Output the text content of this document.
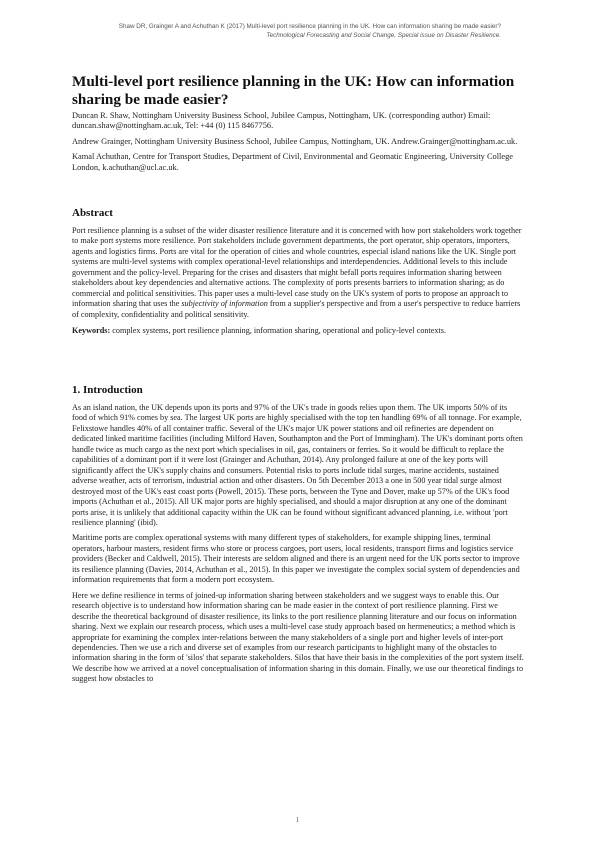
Shaw DR, Grainger A and Achuthan K (2017) Multi-level port resilience planning in the UK. How can information sharing be made easier?
Technological Forecasting and Social Change, Special issue on Disaster Resilience.
Multi-level port resilience planning in the UK: How can information sharing be made easier?

Duncan R. Shaw, Nottingham University Business School, Jubilee Campus, Nottingham, UK. (corresponding author) Email: duncan.shaw@nottingham.ac.uk, Tel: +44 (0) 115 8467756.

Andrew Grainger, Nottingham University Business School, Jubilee Campus, Nottingham, UK. Andrew.Grainger@nottingham.ac.uk.

Kamal Achuthan, Centre for Transport Studies, Department of Civil, Environmental and Geomatic Engineering, University College London, k.achuthan@ucl.ac.uk.

Abstract

Port resilience planning is a subset of the wider disaster resilience literature and it is concerned with how port stakeholders work together to make port systems more resilience. Port stakeholders include government departments, the port operator, ship operators, importers, agents and logistics firms. Ports are vital for the operation of cities and whole countries, especial island nations like the UK. Single port systems are multi-level systems with complex operational-level relationships and interdependencies. Additional levels to this include government and the policy-level. Preparing for the crises and disasters that might befall ports requires information sharing between stakeholders about key dependencies and alternative actions. The complexity of ports presents barriers to information sharing; as do commercial and political sensitivities. This paper uses a multi-level case study on the UK's system of ports to propose an approach to information sharing that uses the subjectivity of information from a supplier's perspective and from a user's perspective to reduce barriers of complexity, confidentiality and political sensitivity.

Keywords: complex systems, port resilience planning, information sharing, operational and policy-level contexts.

1. Introduction

As an island nation, the UK depends upon its ports and 97% of the UK's trade in goods relies upon them. The UK imports 50% of its food of which 91% comes by sea. The largest UK ports are highly specialised with the top ten handling 69% of all tonnage. For example, Felixstowe handles 40% of all container traffic. Several of the UK's major UK power stations and oil refineries are dependent on dedicated linked maritime facilities (including Milford Haven, Southampton and the Port of Immingham). The UK's dominant ports often handle twice as much cargo as the next port which specialises in oil, gas, containers or ferries. So it would be difficult to replace the capabilities of a dominant port if it were lost (Grainger and Achuthan, 2014). Any prolonged failure at one of the key ports will significantly affect the UK's supply chains and consumers. Potential risks to ports include tidal surges, marine accidents, sustained adverse weather, acts of terrorism, industrial action and other disasters. On 5th December 2013 a one in 500 year tidal surge almost destroyed most of the UK's east coast ports (Powell, 2015). These ports, between the Tyne and Dover, make up 57% of the UK's food imports (Achuthan et al., 2015). All UK major ports are highly specialised, and should a major disruption at any one of the dominant ports arise, it is unlikely that additional capacity within the UK can be found without significant advanced planning, i.e. without 'port resilience planning' (ibid).

Maritime ports are complex operational systems with many different types of stakeholders, for example shipping lines, terminal operators, harbour masters, resident firms who store or process cargoes, port users, local residents, transport firms and logistics service providers (Becker and Caldwell, 2015). Their interests are seldom aligned and there is an urgent need for the UK ports sector to improve its resilience planning (Davies, 2014, Achuthan et al., 2015). In this paper we investigate the complex social system of dependencies and information requirements that form a modern port ecosystem.

Here we define resilience in terms of joined-up information sharing between stakeholders and we suggest ways to enable this. Our research objective is to understand how information sharing can be made easier in the context of port resilience planning. First we describe the theoretical background of disaster resilience, its links to the port resilience planning literature and our focus on information sharing. Next we explain our research process, which uses a multi-level case study approach based on hermeneutics; a method which is appropriate for examining the complex inter-relations between the many stakeholders of a single port and higher levels of inter-port dependencies. Then we use a rich and diverse set of examples from our research participants to highlight many of the obstacles to information sharing in the form of 'silos' that separate stakeholders. Silos that have their basis in the complexities of the port system itself. We describe how we arrived at a novel conceptualisation of information sharing in this domain. Finally, we use our theoretical findings to suggest how obstacles to

1
